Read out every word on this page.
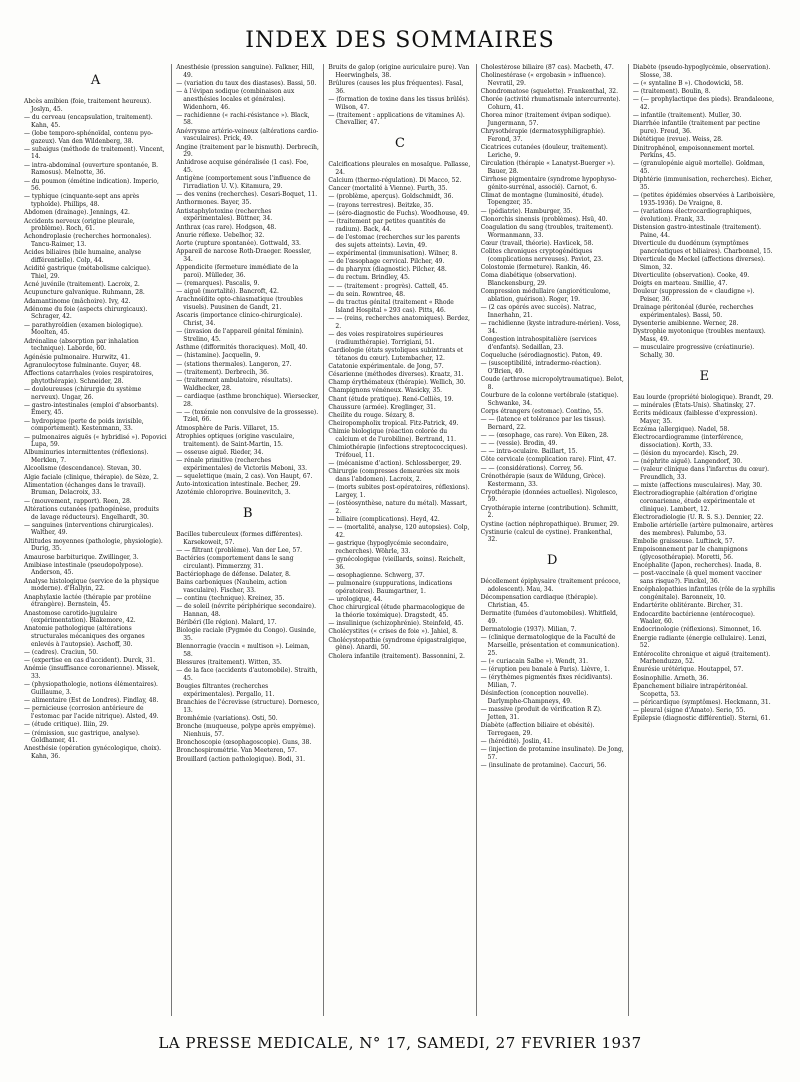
INDEX DES SOMMAIRES
A
Abcès amibien (foie, traitement heureux). Joslyn, 45.
— du cerveau (encapsulation, traitement). Kahn, 45.
— (lobe temporo-sphénoïdal, contenu pyo-gazeux). Van den Wildenberg, 38.
— subaigus (méthode de traitement). Vincent, 14.
— intra-abdominal (ouverture spontanée, B. Ramosus). Melnotte, 36.
— du poumon (émétine indication). Imperio, 56.
— typhique (cinquante-sept ans après typhoïde). Phillips, 48.
Abdomen (drainage). Jennings, 42.
Accidents nerveux (origine pleurale, problème). Roch, 61.
Achondroplasie (recherches hormonales). Tancu-Raimer, 13.
Acides biliaires (bile humaine, analyse différentielle). Colp, 44.
Acidité gastrique (métabolisme calcique). Thiel, 29.
Acné juvénile (traitement). Lacroix, 2.
Acupuncture galvanique. Ruhmann, 28.
Adamantinome (mâchoire). Ivy, 42.
Adénome du foie (aspects chirurgicaux). Schrager, 42.
— parathyroïdien (examen biologique). Moolten, 45.
Adrénaline (absorption par inhalation technique). Laborde, 60.
Agénésie pulmonaire. Hurwitz, 41.
Agranulocytose fulminante. Guyer, 48.
Affections catarrhales (voies respiratoires, phytothérapie). Schneider, 28.
— douloureuses (chirurgie du système nerveux). Ungar, 26.
— gastro-intestinales (emploi d'absorbants). Emery, 45.
— hydropique (perte de poids invisible, comportement). Kestenmann, 33.
— pulmonaires aiguës (« hybridisé »). Popovici Lupa, 59.
Albuminuries intermittentes (réflexions). Merklen, 7.
Alcoolisme (descendance). Stevan, 30.
Algie faciale (clinique, thérapie). de Sèze, 2.
Alimentation (échanges dans le travail). Bruman, Delacroix, 33.
— (mouvement, rapport). Reen, 28.
Altérations cutanées (pathogénèse, produits de lavage réducteurs). Engelhardt, 30.
— sanguines (interventions chirurgicales). Walther, 49.
Altitudes moyennes (pathologie, physiologie). Durig, 35.
Amaurose barbiturique. Zwillinger, 3.
Amibiase intestinale (pseudopolypose). Anderson, 45.
Analyse histologique (service de la physique moderne). d'Hallyin, 22.
Anaphylaxie lactée (thérapie par protéine étrangère). Bernstein, 45.
Anastomose carotido-jugulaire (expérimentation). Blakemore, 42.
Anatomie pathologique (altérations structurales mécaniques des organes enlevés à l'autopsie). Aschoff, 30.
— (cadres). Craciun, 50.
— (expertise en cas d'accident). Durck, 31.
Anémie (insuffisance coronarienne). Missek, 33.
— (physiopathologie, notions élémentaires). Guillaume, 3.
— alimentaire (Est de Londres). Findlay, 48.
— pernicieuse (corrosion antérieure de l'estomac par l'acide nitrique). Alsted, 49.
— (étude critique). Iliin, 29.
— (rémission, suc gastrique, analyse). Goldhamer, 41.
Anesthésie (opération gynécologique, choix). Kahn, 36.
Anesthésie (pression sanguine). Falkner, Hill, 49.
— (variation du taux des diastases). Bassi, 50.
— à l'évipan sodique (combinaison aux anesthésies locales et générales). Widenhorn, 46.
— rachidienne (« rachi-résistance »). Black, 58.
Anévrysme artério-veineux (altérations cardio-vasculaires). Prick, 49.
Angine (traitement par le bismuth). Derbrecih, 29.
Anhidrose acquise généralisée (1 cas). Foe, 45.
Antigène (comportement sous l'influence de l'irradiation U. V.). Kitamura, 29.
— des venins (recherches). Cesari-Boquet, 11.
Anthormones. Bayer, 35.
Antistaphylotoxine (recherches expérimentales). Büttner, 34.
Anthrax (cas rare). Hodgson, 48.
Anurie réflexe. Uebelhor, 32.
Aorte (rupture spontanée). Gottwald, 33.
Appareil de narcose Roth-Draeger. Roessler, 34.
Appendicite (fermeture immédiate de la paroi). Mülleder, 36.
— (remarques). Pascalis, 9.
— aiguë (mortalité). Bancroft, 42.
Arachnoïdite opto-chiasmatique (troubles visuels). Puusinen de Gandt, 21.
Ascaris (importance clinico-chirurgicale). Christ, 34.
— (invasion de l'appareil génital féminin). Strelino, 45.
Asthme (difformités thoraciques). Moll, 40.
— (histamine). Jacquelin, 9.
— (stations thermales). Langeron, 27.
— (traitement). Derbrecih, 36.
— (traitement ambulatoire, résultats). Waldhecker, 28.
— cardiaque (asthme bronchique). Wiersecker, 28.
— — (toxémie non convulsive de la grossesse). Tziel, 66.
Atmosphère de Paris. Villaret, 15.
Atrophies optiques (origine vasculaire, traitement). de Saint-Martin, 15.
— osseuse aiguë. Rieder, 34.
— rénale primitive (recherches expérimentales) de Victoriis Meboni, 33.
— squelettique (main, 2 cas). Von Haupt, 67.
Auto-intoxication intestinale. Becher, 29.
Azotémie chloroprive. Bouinevitch, 3.
B
Bacilles tuberculeux (formes différentes). Karsekoweit, 57.
— — filtrant (problème). Van der Lee, 57.
Bactéries (comportement dans le sang circulant). Pimmerzny, 31.
Bactériophage de défense. Delater, 8.
Bains carboniques (Nauheim, action vasculaire). Fischer, 33.
— continu (technique). Kreinez, 35.
— de soleil (névrite périphérique secondaire). Hannan, 48.
Béribéri (IIe région). Malard, 17.
Biologie raciale (Pygmée du Congo). Gusinde, 35.
Blennorragie (vaccin « multison »). Leiman, 58.
Blessures (traitement). Witten, 35.
— de la face (accidents d'automobile). Straith, 45.
Bougies filtrantes (recherches expérimentales). Pergallo, 11.
Branchies de l'écrevisse (structure). Dornesco, 13.
Bromhémie (variations). Osti, 50.
Bronche (muqueuse, polype après empyème). Nienhuis, 57.
Bronchoscopie (œsophagoscopie). Guns, 38.
Bronchospirométrie. Van Meeteren, 57.
Brouillard (action pathologique). Bodi, 31.
Bruits de galop (origine auriculaire pure). Van Heerwinghels, 38.
Brûlures (causes les plus fréquentes). Fasal, 36.
— (formation de toxine dans les tissus brûlés). Wilson, 47.
— (traitement : applications de vitamines A). Chevallier, 47.
C
Calcifications pleurales en mosaïque. Pallasse, 24.
Calcium (thermo-régulation). Di Macco, 52.
Cancer (mortalité à Vienne). Furth, 35.
— (problème, aperçus). Goldschmidt, 36.
— (rayons terrestres). Beitzke, 35.
— (séro-diagnostic de Fuchs). Woodhouse, 49.
— (traitement par petites quantités de radium). Back, 44.
— de l'estomac (recherches sur les parents des sujets atteints). Levin, 49.
— expérimental (immunisation). Wilner, 8.
— de l'œsophage cervical. Pilcher, 49.
— du pharynx (diagnostic). Pilcher, 48.
— du rectum. Brindley, 45.
— — (traitement : progrès). Cattell, 45.
— du sein. Rowntree, 48.
— du tractus génital (traitement « Rhode Island Hospital » 293 cas). Pitts, 46.
— — (reins, recherches anatomiques). Berdez, 2.
— des voies respiratoires supérieures (radiumthérapie). Torrigiani, 51.
Cardiologie (états systoliques subintrants et tétanos du cœur). Lutembacher, 12.
Catatonie expérimentale. de Jong, 57.
Césarienne (méthodes diverses). Kraatz, 31.
Champ érythémateux (thérapie). Wellich, 30.
Champignons vénéneux. Wasicky, 35.
Chant (étude pratique). René-Celliès, 19.
Chaussure (armée). Kreglinger, 31.
Cheilite du rouge. Sézary, 8.
Cheiropompholix tropical. Fitz-Patrick, 49.
Chimie biologique (réaction colorée du calcium et de l'urobiline). Bertrand, 11.
Chimiothérapie (infections streptococciques). Tréfouel, 11.
— (mécanisme d'action). Schlossberger, 29.
Chirurgie (compresses demeurées six mois dans l'abdomen). Lacroix, 2.
— (morts subites post-opératoires, réflexions). Largey, 1.
— (ostéosynthèse, nature du métal). Massart, 2.
— biliaire (complications). Heyd, 42.
— — (mortalité, analyse, 120 autopsies). Colp, 42.
— gastrique (hypoglycémie secondaire, recherches). Wöhrle, 33.
— gynécologique (vieillards, soins). Reichelt, 36.
— œsophagienne. Schwerg, 37.
— pulmonaire (suppurations, indications opératoires). Baumgartner, 1.
— urologique, 44.
Choc chirurgical (étude pharmacologique de la théorie toxémique). Dragstedt, 45.
— insulinique (schizophrénie). Steinfeld, 45.
Cholécystites (« crises de foie »). Jahiel, 8.
Cholécystopathie (syndrome épigastralgique, gène). Anardi, 50.
Cholera infantile (traitement). Bassonnini, 2.
Cholestérose biliaire (87 cas). Macbeth, 47.
Cholinestérase (« ergobasin » influence). Nevratil, 29.
Chondromatose (squelette). Frankenthal, 32.
Chorée (activité rhumatismale intercurrente). Cohurn, 41.
Chorea minor (traitement évipan sodique). Jungermann, 57.
Chrysothérapie (dermatosyphiligraphie). Ferond, 37.
Cicatrices cutanées (douleur, traitement). Leriche, 9.
Circulation (thérapie « Lanatyst-Buerger »). Bauer, 28.
Cirrhose pigmentaire (syndrome hypophyso-génito-surrénal, associé). Carnot, 6.
Climat de montagne (luminosité, étude). Topengzer, 35.
— (pédiatrie). Hamburger, 35.
Clonorchis sinensis (problèmes). Hsü, 40.
Coagulation du sang (troubles, traitement). Wormanmann, 33.
Cœur (travail, théorie). Havlicek, 58.
Colites chroniques cryptogénétiques (complications nerveuses). Paviot, 23.
Colostomie (fermeture). Rankin, 46.
Coma diabétique (observation). Blanckensburg, 29.
Compression médullaire (angioréticulome, ablation, guérison). Roger, 19.
— (2 cas opérés avec succès). Natrac, Innerhahn, 21.
— rachidienne (kyste intradure-mérien). Voss, 34.
Congestion intrahospitalière (services d'enfants). Sedaillan, 23.
Coqueluche (sérodiagnostic). Paton, 49.
— (susceptibilité, intradermo-réaction). O'Brien, 49.
Coude (arthrose micropolytraumatique). Belot, 8.
Courbure de la colonne vertébrale (statique). Schwanke, 34.
Corps étrangers (estomac). Contino, 55.
— — (latence et tolérance par les tissus). Bernard, 22.
— — (œsophage, cas rare). Von Eiken, 28.
— — (vessie). Brodin, 49.
— — intra-oculaire. Baillart, 15.
Côte cervicale (complication rare). Flint, 47.
— — (considérations). Correy, 56.
Crénothérapie (saux de Wildung, Grèce). Kestermann, 33.
Cryothérapie (données actuelles). Nigolesco, 59.
Cryothérapie interne (contribution). Schmitt, 2.
Cystine (action néphropathique). Brumer, 29.
Cystinurie (calcul de cystine). Frankenthal, 32.
D
Décollement épiphysaire (traitement précoce, adolescent). Mau, 34.
Décompensation cardiaque (thérapie). Christian, 45.
Dermatite (fumées d'automobiles). Whitfield, 49.
Dermatologie (1937). Milian, 7.
— (clinique dermatologique de la Faculté de Marseille, présentation et communication). 25.
— (« curiacain Salbe »). Wendt, 31.
— (éruption peu banale à Paris). Lièvre, 1.
— (érythèmes pigmentés fixes récidivants). Milian, 7.
Désinfection (conception nouvelle). Darlymphe-Champneys, 49.
— massive (produit de vérification R Z). Jetten, 31.
Diabète (affection biliaire et obésité). Terregaen, 29.
— (hérédité). Joslin, 41.
— (injection de protamine insulinate). De Jong, 57.
— (insulinate de protamine). Caccuri, 56.
Diabète (pseudo-hypoglycémie, observation). Slosse, 38.
— (« syntaline B »). Chodowicki, 58.
— (traitement). Boulin, 8.
— (— prophylactique des pieds). Brandaleone, 42.
— infantile (traitement). Muller, 30.
Diarrhée infantile (traitement par pectine pure). Freud, 36.
Diététique (revue). Weiss, 28.
Dinitrophénol, empoisonnement mortel. Perkins, 45.
— (granulopénie aiguë mortelle). Goldman, 45.
Diphtérie (immunisation, recherches). Eicher, 35.
— (petites épidémies observées à Lariboisière, 1935-1936). De Vraigne, 8.
— (variations électrocardiographiques, évolution). Frank, 33.
Distension gastro-intestinale (traitement). Paine, 44.
Diverticule du duodénum (symptômes pancréatiques et biliaires). Charbonnel, 15.
Diverticule de Meckel (affections diverses). Simon, 32.
Diverticulite (observation). Cooke, 49.
Doigts en marteau. Smillie, 47.
Douleur (suppression de « claudigne »). Peiser, 36.
Drainage péritonéal (durée, recherches expérimentales). Bassi, 50.
Dysenterie amibienne. Werner, 28.
Dystrophie myotonique (troubles mentaux). Mass, 49.
— musculaire progressive (créatinurie). Schally, 30.
E
Eau lourde (propriété biologique). Brandt, 29.
— minérales (États-Unis). Shatinsky, 27.
Écrits médicaux (faiblesse d'expression). Mayer, 35.
Eczéma (allergique). Nadel, 58.
Électrocardiogramme (interférence, dissociation). Korth, 33.
— (lésion du myocarde). Kisch, 29.
— (néphrite aiguë). Langendorf, 30.
— (valeur clinique dans l'infarctus du cœur). Freundlich, 33.
— mixte (affections musculaires). May, 30.
Électroradiographie (altération d'origine coronarienne, étude expérimentale et clinique). Lambert, 12.
Électroradiologie (U. R. S. S.). Dennier, 22.
Embolie artérielle (artère pulmonaire, artères des membres). Palumbo, 53.
Embolie graisseuse. Luftinck, 57.
Empoisonnement par le champignons (glycosothérapie). Moretti, 56.
Encéphalite (Japon, recherches). Inada, 8.
— post-vaccinale (à quel moment vacciner sans risque?). Finckel, 36.
Encéphalopathies infantiles (rôle de la syphilis congénitale). Baronneix, 10.
Endartérite oblitérante. Bircher, 31.
Endocardite bactérienne (entérocoque). Waaler, 60.
Endocrinologie (réflexions). Simonnet, 16.
Énergie radiante (énergie cellulaire). Lenzi, 52.
Entérocolite chronique et aiguë (traitement). Marhenduzzo, 52.
Énurésie urétérique. Houtappel, 57.
Éosinophilie. Arneth, 36.
Épanchement biliaire intrapéritonéal. Scopetta, 53.
— péricardique (symptômes). Heckmann, 31.
— pleural (signe d'Amato). Serio, 55.
Épilepsie (diagnostic différentiel). Sterni, 61.
LA PRESSE MEDICALE, N° 17, SAMEDI, 27 FEVRIER 1937
